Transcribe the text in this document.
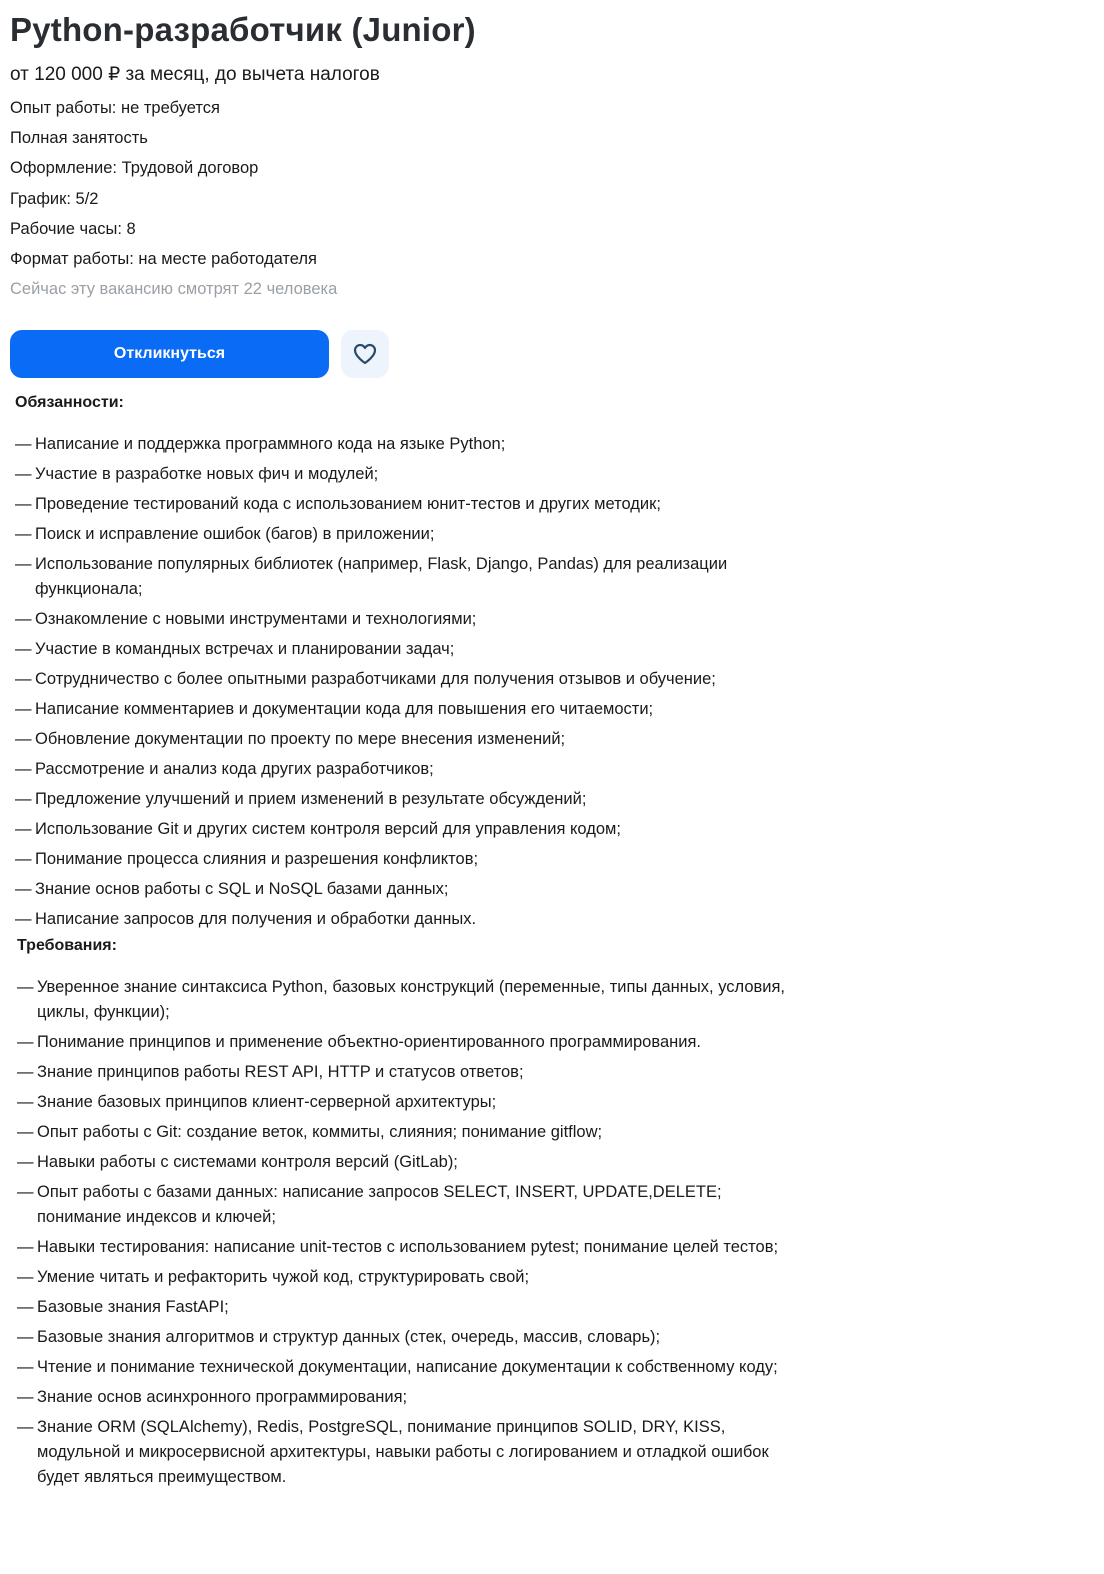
Python-разработчик (Junior)
от 120 000 ₽ за месяц, до вычета налогов
Опыт работы: не требуется
Полная занятость
Оформление: Трудовой договор
График: 5/2
Рабочие часы: 8
Формат работы: на месте работодателя
Сейчас эту вакансию смотрят 22 человека
Откликнуться
Обязанности:
— Написание и поддержка программного кода на языке Python;
— Участие в разработке новых фич и модулей;
— Проведение тестирований кода с использованием юнит-тестов и других методик;
— Поиск и исправление ошибок (багов) в приложении;
— Использование популярных библиотек (например, Flask, Django, Pandas) для реализации функционала;
— Ознакомление с новыми инструментами и технологиями;
— Участие в командных встречах и планировании задач;
— Сотрудничество с более опытными разработчиками для получения отзывов и обучение;
— Написание комментариев и документации кода для повышения его читаемости;
— Обновление документации по проекту по мере внесения изменений;
— Рассмотрение и анализ кода других разработчиков;
— Предложение улучшений и прием изменений в результате обсуждений;
— Использование Git и других систем контроля версий для управления кодом;
— Понимание процесса слияния и разрешения конфликтов;
— Знание основ работы с SQL и NoSQL базами данных;
— Написание запросов для получения и обработки данных.
Требования:
— Уверенное знание синтаксиса Python, базовых конструкций (переменные, типы данных, условия, циклы, функции);
— Понимание принципов и применение объектно-ориентированного программирования.
— Знание принципов работы REST API, HTTP и статусов ответов;
— Знание базовых принципов клиент-серверной архитектуры;
— Опыт работы с Git: создание веток, коммиты, слияния; понимание gitflow;
— Навыки работы с системами контроля версий (GitLab);
— Опыт работы с базами данных: написание запросов SELECT, INSERT, UPDATE,DELETE; понимание индексов и ключей;
— Навыки тестирования: написание unit-тестов с использованием pytest; понимание целей тестов;
— Умение читать и рефакторить чужой код, структурировать свой;
— Базовые знания FastAPI;
— Базовые знания алгоритмов и структур данных (стек, очередь, массив, словарь);
— Чтение и понимание технической документации, написание документации к собственному коду;
— Знание основ асинхронного программирования;
— Знание ORM (SQLAlchemy), Redis, PostgreSQL, понимание принципов SOLID, DRY, KISS, модульной и микросервисной архитектуры, навыки работы с логированием и отладкой ошибок будет являться преимуществом.
